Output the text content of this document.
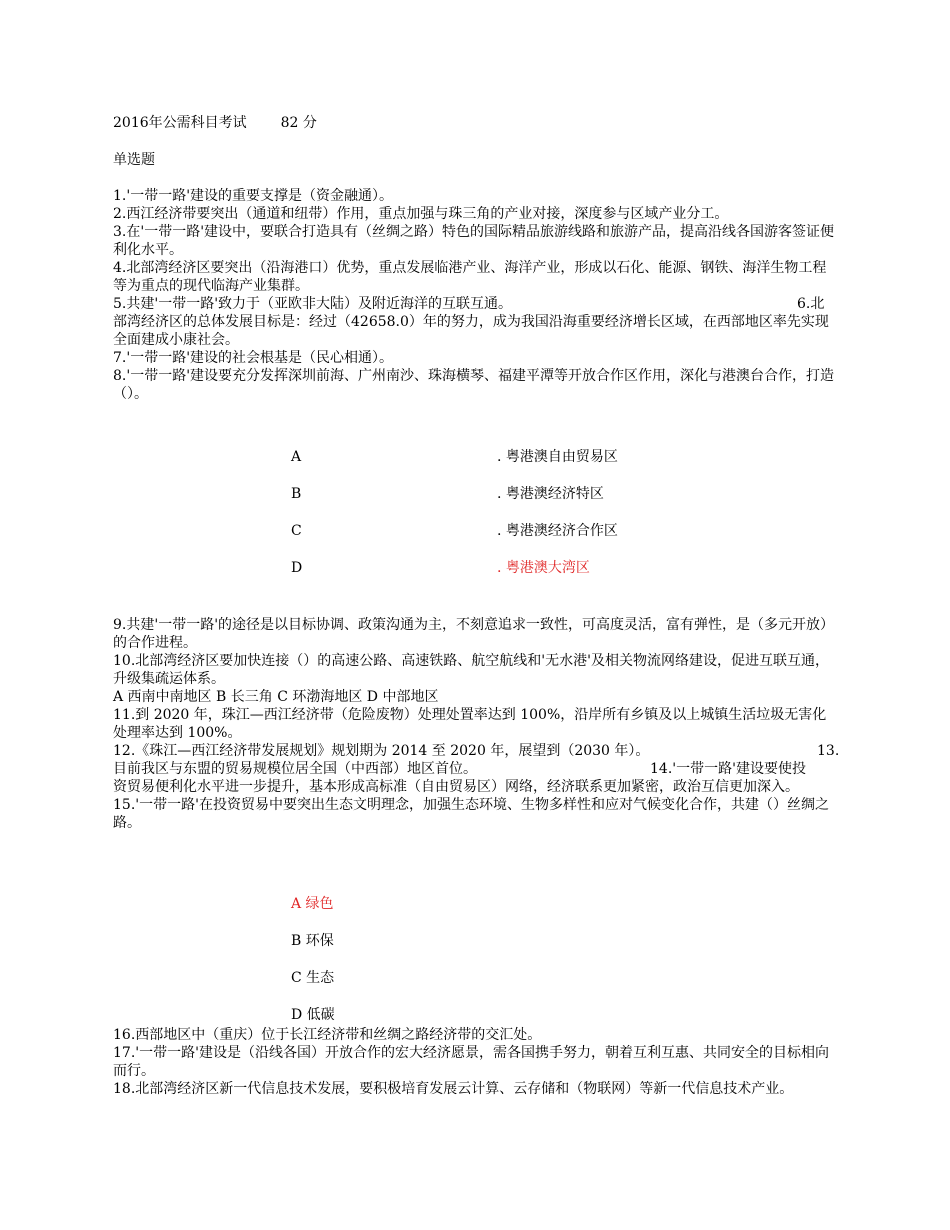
2016年公需科目考试 82 分
单选题

1.'一带一路'建设的重要支撑是（资金融通）。

2.西江经济带要突出（通道和纽带）作用，重点加强与珠三角的产业对接，深度参与区域产业分工。

3.在'一带一路'建设中，要联合打造具有（丝绸之路）特色的国际精品旅游线路和旅游产品，提高沿线各国游客签证便利化水平。

4.北部湾经济区要突出（沿海港口）优势，重点发展临港产业、海洋产业，形成以石化、能源、钢铁、海洋生物工程等为重点的现代临海产业集群。

5.共建'一带一路'致力于（亚欧非大陆）及附近海洋的互联互通。	6.北

部湾经济区的总体发展目标是：经过（42658.0）年的努力，成为我国沿海重要经济增长区域，在西部地区率先实现全面建成小康社会。

7.'一带一路'建设的社会根基是（民心相通）。

8.'一带一路'建设要充分发挥深圳前海、广州南沙、珠海横琴、福建平潭等开放合作区作用，深化与港澳台合作，打造（）。

A	. 粤港澳自由贸易区
B	. 粤港澳经济特区
C	. 粤港澳经济合作区
D	. 粤港澳大湾区

9.共建'一带一路'的途径是以目标协调、政策沟通为主，不刻意追求一致性，可高度灵活，富有弹性，是（多元开放）的合作进程。

10.北部湾经济区要加快连接（）的高速公路、高速铁路、航空航线和'无水港'及相关物流网络建设，促进互联互通，升级集疏运体系。

A 西南中南地区 B 长三角 C 环渤海地区 D 中部地区

11.到 2020 年，珠江—西江经济带（危险废物）处理处置率达到 100%，沿岸所有乡镇及以上城镇生活垃圾无害化处理率达到 100%。

12.《珠江—西江经济带发展规划》规划期为 2014 至 2020 年，展望到（2030 年）。	13.

目前我区与东盟的贸易规模位居全国（中西部）地区首位。	14.'一带一路'建设要使投

资贸易便利化水平进一步提升，基本形成高标准（自由贸易区）网络，经济联系更加紧密，政治互信更加深入。

15.'一带一路'在投资贸易中要突出生态文明理念，加强生态环境、生物多样性和应对气候变化合作，共建（）丝绸之路。

A 绿色
B 环保
C 生态
D 低碳

16.西部地区中（重庆）位于长江经济带和丝绸之路经济带的交汇处。

17.'一带一路'建设是（沿线各国）开放合作的宏大经济愿景，需各国携手努力，朝着互利互惠、共同安全的目标相向而行。

18.北部湾经济区新一代信息技术发展，要积极培育发展云计算、云存储和（物联网）等新一代信息技术产业。
